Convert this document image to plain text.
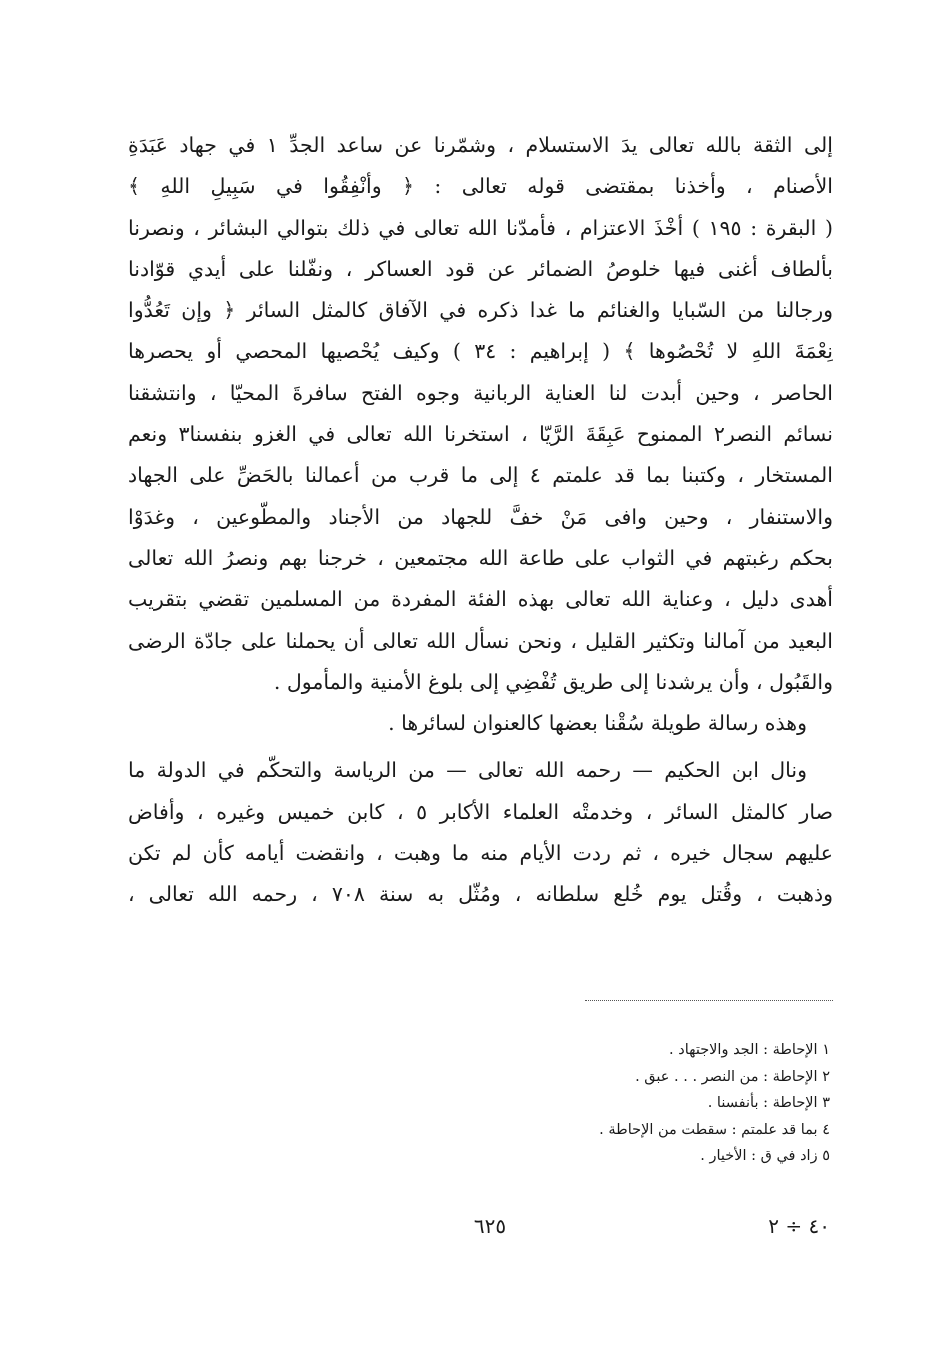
إلى الثقة بالله تعالى يدَ الاستسلام ، وشمّرنا عن ساعد الجدِّ ١ في جهاد عَبَدَةِ
الأصنام ، وأخذنا بمقتضى قوله تعالى : ﴿ وأنْفِقُوا في سَبِيلِ اللهِ ﴾
( البقرة : ١٩٥ ) أخْذَ الاعتزام ، فأمدّنا الله تعالى في ذلك بتوالي البشائر ، ونصرنا
بألطاف أغنى فيها خلوصُ الضمائر عن قود العساكر ، ونفّلنا على أيدي قوّادنا
ورجالنا من السّبايا والغنائم ما غدا ذكره في الآفاق كالمثل السائر ﴿ وإن تَعُدُّوا
نِعْمَةَ اللهِ لا تُحْصُوها ﴾ ( إبراهيم : ٣٤ ) وكيف يُحْصيها المحصي أو يحصرها
الحاصر ، وحين أبدت لنا العناية الربانية وجوه الفتح سافرةَ المحيّا ، وانتشقنا
نسائم النصر٢ الممنوح عَبِقَةَ الرَّيّا ، استخرنا الله تعالى في الغزو بنفسنا٣ ونعم
المستخار ، وكتبنا بما قد علمتم ٤ إلى ما قرب من أعمالنا بالحَضِّ على الجهاد
والاستنفار ، وحين وافى مَنْ خفَّ للجهاد من الأجناد والمطّوعين ، وغدَوْا
بحكم رغبتهم في الثواب على طاعة الله مجتمعين ، خرجنا بهم ونصرُ الله تعالى
أهدى دليل ، وعناية الله تعالى بهذه الفئة المفردة من المسلمين تقضي بتقريب
البعيد من آمالنا وتكثير القليل ، ونحن نسأل الله تعالى أن يحملنا على جادّة الرضى
والقَبُول ، وأن يرشدنا إلى طريق تُفْضِي إلى بلوغ الأمنية والمأمول .
وهذه رسالة طويلة سُقْنا بعضها كالعنوان لسائرها .
ونال ابن الحكيم — رحمه الله تعالى — من الرياسة والتحكّم في الدولة ما
صار كالمثل السائر ، وخدمتْه العلماء الأكابر ٥ ، كابن خميس وغيره ، وأفاض
عليهم سجال خيره ، ثم ردت الأيام منه ما وهبت ، وانقضت أيامه كأن لم تكن
وذهبت ، وقُتل يوم خُلع سلطانه ، ومُثّل به سنة ٧٠٨ ، رحمه الله تعالى ،
١ الإحاطة : الجد والاجتهاد .
٢ الإحاطة : من النصر . . . عبق .
٣ الإحاطة : بأنفسنا .
٤ بما قد علمتم : سقطت من الإحاطة .
٥ زاد في ق : الأخيار .
٦٢٥	٤٠ ÷ ٢
